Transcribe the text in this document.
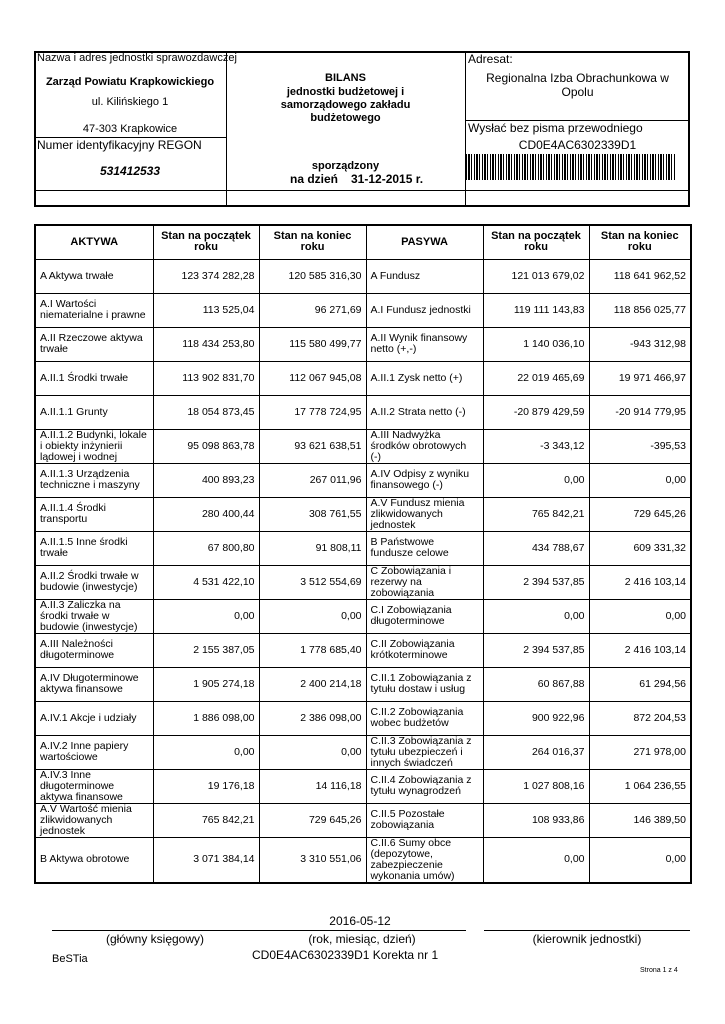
Nazwa i adres jednostki sprawozdawczej
Zarząd Powiatu Krapkowickiego
ul. Kilińskiego 1
47-303 Krapkowice
Numer identyfikacyjny REGON
531412533
BILANS
jednostki budżetowej i
samorządowego zakładu
budżetowego
sporządzony
na dzień 31-12-2015 r.
Adresat:
Regionalna Izba Obrachunkowa w
Opolu
Wysłać bez pisma przewodniego
CD0E4AC6302339D1
AKTYWA	Stan na początek roku	Stan na koniec roku	PASYWA	Stan na początek roku	Stan na koniec roku
A Aktywa trwałe	123 374 282,28	120 585 316,30	A Fundusz	121 013 679,02	118 641 962,52
A.I Wartości niematerialne i prawne	113 525,04	96 271,69	A.I Fundusz jednostki	119 111 143,83	118 856 025,77
A.II Rzeczowe aktywa trwałe	118 434 253,80	115 580 499,77	A.II Wynik finansowy netto (+,-)	1 140 036,10	-943 312,98
A.II.1 Środki trwałe	113 902 831,70	112 067 945,08	A.II.1 Zysk netto (+)	22 019 465,69	19 971 466,97
A.II.1.1 Grunty	18 054 873,45	17 778 724,95	A.II.2 Strata netto (-)	-20 879 429,59	-20 914 779,95
A.II.1.2 Budynki, lokale i obiekty inżynierii lądowej i wodnej	95 098 863,78	93 621 638,51	A.III Nadwyżka środków obrotowych (-)	-3 343,12	-395,53
A.II.1.3 Urządzenia techniczne i maszyny	400 893,23	267 011,96	A.IV Odpisy z wyniku finansowego (-)	0,00	0,00
A.II.1.4 Środki transportu	280 400,44	308 761,55	A.V Fundusz mienia zlikwidowanych jednostek	765 842,21	729 645,26
A.II.1.5 Inne środki trwałe	67 800,80	91 808,11	B Państwowe fundusze celowe	434 788,67	609 331,32
A.II.2 Środki trwałe w budowie (inwestycje)	4 531 422,10	3 512 554,69	C Zobowiązania i rezerwy na zobowiązania	2 394 537,85	2 416 103,14
A.II.3 Zaliczka na środki trwałe w budowie (inwestycje)	0,00	0,00	C.I Zobowiązania długoterminowe	0,00	0,00
A.III Należności długoterminowe	2 155 387,05	1 778 685,40	C.II Zobowiązania krótkoterminowe	2 394 537,85	2 416 103,14
A.IV Długoterminowe aktywa finansowe	1 905 274,18	2 400 214,18	C.II.1 Zobowiązania z tytułu dostaw i usług	60 867,88	61 294,56
A.IV.1 Akcje i udziały	1 886 098,00	2 386 098,00	C.II.2 Zobowiązania wobec budżetów	900 922,96	872 204,53
A.IV.2 Inne papiery wartościowe	0,00	0,00	C.II.3 Zobowiązania z tytułu ubezpieczeń i innych świadczeń	264 016,37	271 978,00
A.IV.3 Inne długoterminowe aktywa finansowe	19 176,18	14 116,18	C.II.4 Zobowiązania z tytułu wynagrodzeń	1 027 808,16	1 064 236,55
A.V Wartość mienia zlikwidowanych jednostek	765 842,21	729 645,26	C.II.5 Pozostałe zobowiązania	108 933,86	146 389,50
B Aktywa obrotowe	3 071 384,14	3 310 551,06	C.II.6 Sumy obce (depozytowe, zabezpieczenie wykonania umów)	0,00	0,00
2016-05-12
(główny księgowy)	(rok, miesiąc, dzień)	(kierownik jednostki)
BeSTia	CD0E4AC6302339D1 Korekta nr 1
Strona 1 z 4
